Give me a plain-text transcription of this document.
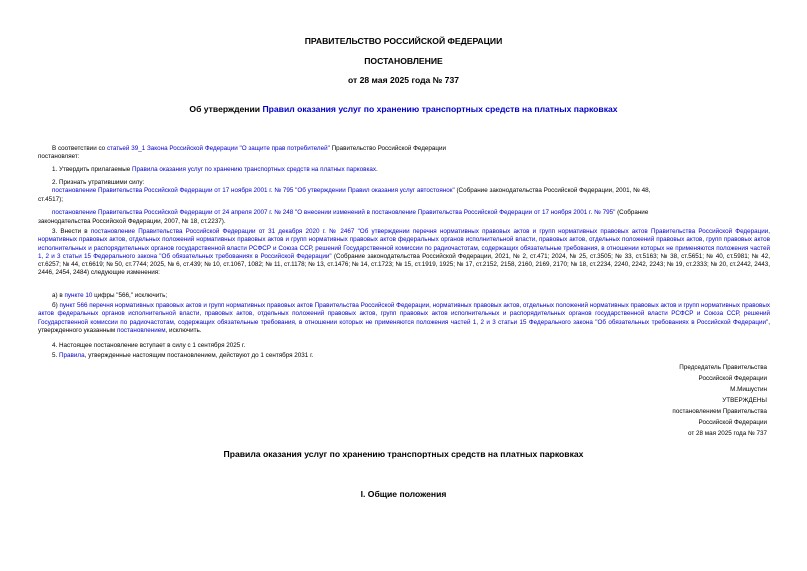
ПРАВИТЕЛЬСТВО РОССИЙСКОЙ ФЕДЕРАЦИИ
ПОСТАНОВЛЕНИЕ
от 28 мая 2025 года № 737
Об утверждении Правил оказания услуг по хранению транспортных средств на платных парковках
В соответствии со статьей 39_1 Закона Российской Федерации "О защите прав потребителей" Правительство Российской Федерации
постановляет:
1. Утвердить прилагаемые Правила оказания услуг по хранению транспортных средств на платных парковках.
2. Признать утратившими силу:
постановление Правительства Российской Федерации от 17 ноября 2001 г. № 795 "Об утверждении Правил оказания услуг автостоянок" (Собрание законодательства Российской Федерации, 2001, № 48,
ст.4517);
постановление Правительства Российской Федерации от 24 апреля 2007 г. № 248 "О внесении изменений в постановление Правительства Российской Федерации от 17 ноября 2001 г. № 795" (Собрание
законодательства Российской Федерации, 2007, № 18, ст.2237).
3. Внести в постановление Правительства Российской Федерации от 31 декабря 2020 г. № 2467 "Об утверждении перечня нормативных правовых актов и групп нормативных правовых актов Правительства Российской Федерации, нормативных правовых актов, отдельных положений нормативных правовых актов и групп нормативных правовых актов федеральных органов исполнительной власти, правовых актов, отдельных положений правовых актов, групп правовых актов исполнительных и распорядительных органов государственной власти РСФСР и Союза ССР, решений Государственной комиссии по радиочастотам, содержащих обязательные требования, в отношении которых не применяются положения частей 1, 2 и 3 статьи 15 Федерального закона "Об обязательных требованиях в Российской Федерации" (Собрание законодательства Российской Федерации, 2021, № 2, ст.471; 2024, № 25, ст.3505; № 33, ст.5163; № 38, ст.5651; № 40, ст.5981; № 42, ст.6257; № 44, ст.6619; № 50, ст.7744; 2025, № 6, ст.439; № 10, ст.1067, 1082; № 11, ст.1178; № 13, ст.1476; № 14, ст.1723; № 15, ст.1919, 1925; № 17, ст.2152, 2158, 2160, 2169, 2170; № 18, ст.2234, 2240, 2242, 2243; № 19, ст.2333; № 20, ст.2442, 2443, 2446, 2454, 2484) следующие изменения:
а) в пункте 10 цифры "566," исключить;
б) пункт 566 перечня нормативных правовых актов и групп нормативных правовых актов Правительства Российской Федерации, нормативных правовых актов, отдельных положений нормативных правовых актов и групп нормативных правовых актов федеральных органов исполнительной власти, правовых актов, отдельных положений правовых актов, групп правовых актов исполнительных и распорядительных органов государственной власти РСФСР и Союза ССР, решений Государственной комиссии по радиочастотам, содержащих обязательные требования, в отношении которых не применяются положения частей 1, 2 и 3 статьи 15 Федерального закона "Об обязательных требованиях в Российской Федерации", утвержденного указанным постановлением, исключить.
4. Настоящее постановление вступает в силу с 1 сентября 2025 г.
5. Правила, утвержденные настоящим постановлением, действуют до 1 сентября 2031 г.
Председатель Правительства
Российской Федерации
М.Мишустин
УТВЕРЖДЕНЫ
постановлением Правительства
Российской Федерации
от 28 мая 2025 года № 737
Правила оказания услуг по хранению транспортных средств на платных парковках
I. Общие положения
